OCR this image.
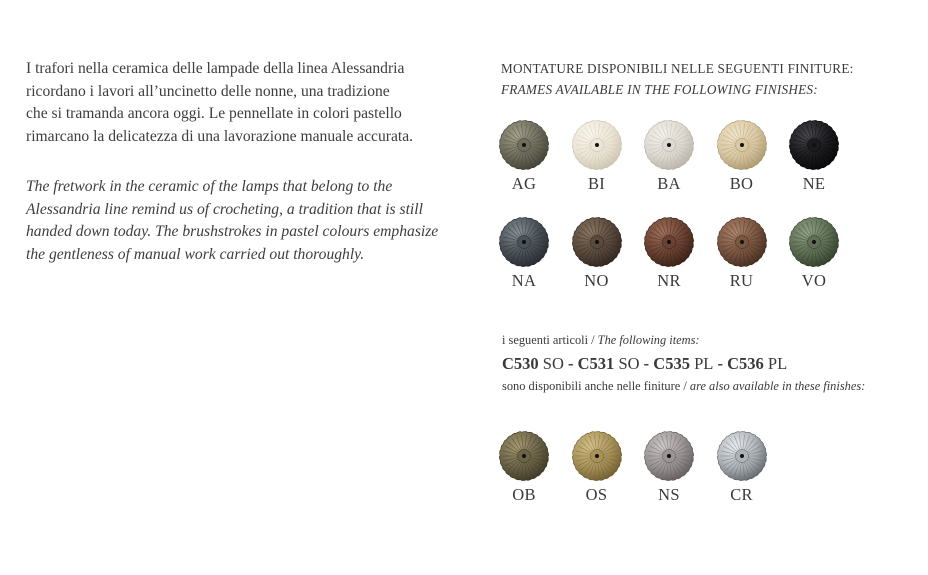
I trafori nella ceramica delle lampade della linea Alessandria
ricordano i lavori all’uncinetto delle nonne, una tradizione
che si tramanda ancora oggi. Le pennellate in colori pastello
rimarcano la delicatezza di una lavorazione manuale accurata.

The fretwork in the ceramic of the lamps that belong to the
Alessandria line remind us of crocheting, a tradition that is still
handed down today. The brushstrokes in pastel colours emphasize
the gentleness of manual work carried out thoroughly.

MONTATURE DISPONIBILI NELLE SEGUENTI FINITURE:
FRAMES AVAILABLE IN THE FOLLOWING FINISHES:
AG	BI	BA	BO	NE
NA	NO	NR	RU	VO
i seguenti articoli / The following items:
C530 SO - C531 SO - C535 PL - C536 PL
sono disponibili anche nelle finiture / are also available in these finishes:
OB	OS	NS	CR
